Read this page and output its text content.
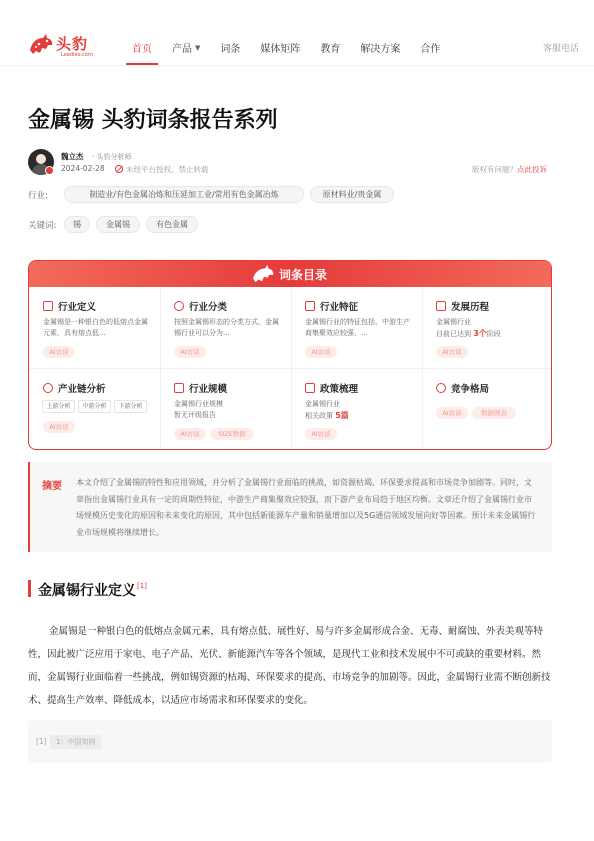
头豹
Leadleo.com	首页 产品 ▼ 词条 媒体矩阵 教育 解决方案 合作	客服电话
金属锡 头豹词条报告系列
魏立杰 · 头豹分析师
2024-02-28	未经平台授权，禁止转载	版权有问题？点此投诉
行业:	制造业/有色金属冶炼和压延加工业/常用有色金属冶炼	原材料业/贵金属
关键词:	锡	金属锡	有色金属
词条目录
行业定义
金属锡是一种银白色的低熔点金属元素，具有熔点低...
AI访谈
行业分类
按照金属锡形态的分类方式，金属锡行业可以分为...
AI访谈
行业特征
金属锡行业的特征包括、中游生产商集聚效应较强、...
AI访谈
发展历程
金属锡行业
目前已达到 3个阶段
AI访谈
产业链分析
上游分析	中游分析	下游分析
AI访谈
行业规模
金属锡行业规模
暂无评级报告
AI访谈	SIZE数据
政策梳理
金属锡行业
相关政策 5篇
AI访谈
竞争格局
AI访谈	数据图表
摘要 本文介绍了金属锡的特性和应用领域，并分析了金属锡行业面临的挑战，如资源枯竭、环保要求提高和市场竞争加剧等。同时，文章指出金属锡行业具有一定的周期性特征，中游生产商集聚效应较强，而下游产业布局趋于地区均衡。文章还介绍了金属锡行业市场规模历史变化的原因和未来变化的原因，其中包括新能源车产量和销量增加以及5G通信领域发展向好等因素。预计未来金属锡行业市场规模将继续增长。
金属锡行业定义[1]

金属锡是一种银白色的低熔点金属元素，具有熔点低、展性好、易与许多金属形成合金、无毒、耐腐蚀、外表美观等特性，因此被广泛应用于家电、电子产品、光伏、新能源汽车等各个领域，是现代工业和技术发展中不可或缺的重要材料。然而，金属锡行业面临着一些挑战，例如锡资源的枯竭、环保要求的提高、市场竞争的加剧等。因此，金属锡行业需不断创新技术、提高生产效率、降低成本，以适应市场需求和环保要求的变化。

[1]	1：中国知网
